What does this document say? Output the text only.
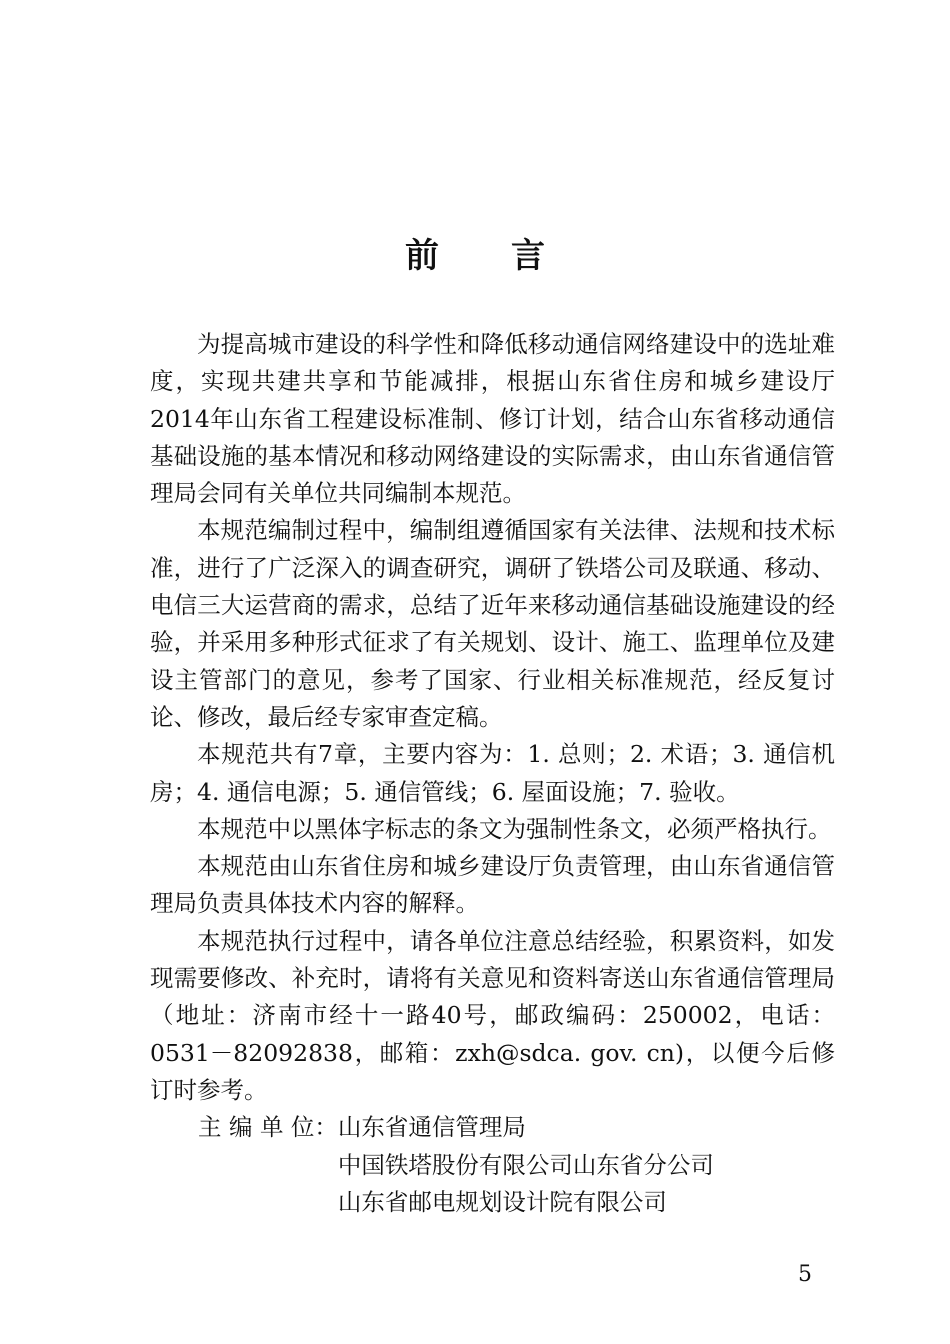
前言

为提高城市建设的科学性和降低移动通信网络建设中的选址难度，实现共建共享和节能减排，根据山东省住房和城乡建设厅2014年山东省工程建设标准制、修订计划，结合山东省移动通信基础设施的基本情况和移动网络建设的实际需求，由山东省通信管理局会同有关单位共同编制本规范。

本规范编制过程中，编制组遵循国家有关法律、法规和技术标准，进行了广泛深入的调查研究，调研了铁塔公司及联通、移动、电信三大运营商的需求，总结了近年来移动通信基础设施建设的经验，并采用多种形式征求了有关规划、设计、施工、监理单位及建设主管部门的意见，参考了国家、行业相关标准规范，经反复讨论、修改，最后经专家审查定稿。

本规范共有7章，主要内容为：1. 总则；2. 术语；3. 通信机房；4. 通信电源；5. 通信管线；6. 屋面设施；7. 验收。

本规范中以黑体字标志的条文为强制性条文，必须严格执行。

本规范由山东省住房和城乡建设厅负责管理，由山东省通信管理局负责具体技术内容的解释。

本规范执行过程中，请各单位注意总结经验，积累资料，如发现需要修改、补充时，请将有关意见和资料寄送山东省通信管理局（地址：济南市经十一路40号，邮政编码：250002，电话：0531－82092838，邮箱：zxh@sdca. gov. cn)，以便今后修订时参考。

主 编 单 位： 山东省通信管理局
中国铁塔股份有限公司山东省分公司
山东省邮电规划设计院有限公司
5
